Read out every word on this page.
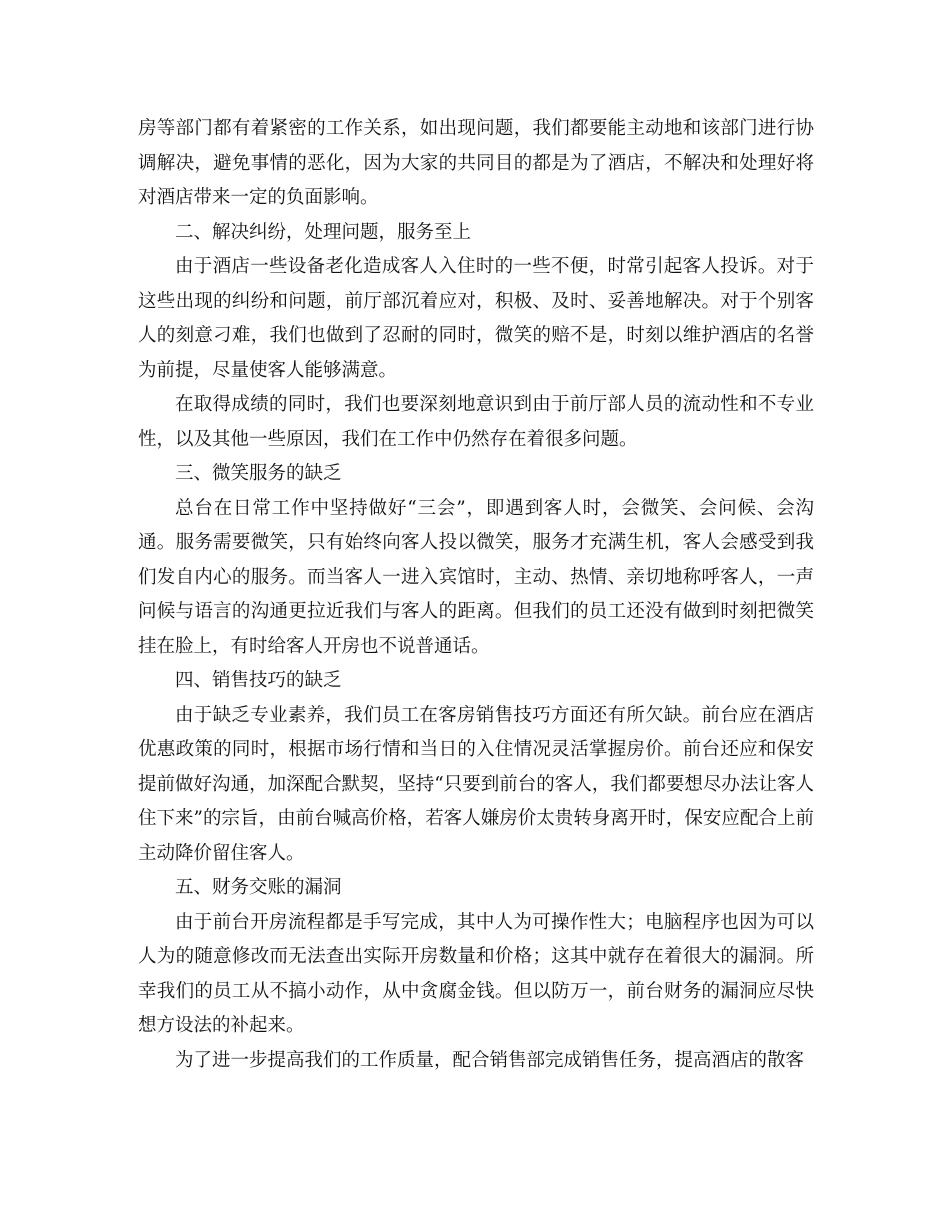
房等部门都有着紧密的工作关系，如出现问题，我们都要能主动地和该部门进行协调解决，避免事情的恶化，因为大家的共同目的都是为了酒店，不解决和处理好将对酒店带来一定的负面影响。

二、解决纠纷，处理问题，服务至上

由于酒店一些设备老化造成客人入住时的一些不便，时常引起客人投诉。对于这些出现的纠纷和问题，前厅部沉着应对，积极、及时、妥善地解决。对于个别客人的刻意刁难，我们也做到了忍耐的同时，微笑的赔不是，时刻以维护酒店的名誉为前提，尽量使客人能够满意。

在取得成绩的同时，我们也要深刻地意识到由于前厅部人员的流动性和不专业性，以及其他一些原因，我们在工作中仍然存在着很多问题。

三、微笑服务的缺乏

总台在日常工作中坚持做好“三会”，即遇到客人时，会微笑、会问候、会沟通。服务需要微笑，只有始终向客人投以微笑，服务才充满生机，客人会感受到我们发自内心的服务。而当客人一进入宾馆时，主动、热情、亲切地称呼客人，一声问候与语言的沟通更拉近我们与客人的距离。但我们的员工还没有做到时刻把微笑挂在脸上，有时给客人开房也不说普通话。

四、销售技巧的缺乏

由于缺乏专业素养，我们员工在客房销售技巧方面还有所欠缺。前台应在酒店优惠政策的同时，根据市场行情和当日的入住情况灵活掌握房价。前台还应和保安提前做好沟通，加深配合默契，坚持“只要到前台的客人，我们都要想尽办法让客人住下来”的宗旨，由前台喊高价格，若客人嫌房价太贵转身离开时，保安应配合上前主动降价留住客人。

五、财务交账的漏洞

由于前台开房流程都是手写完成，其中人为可操作性大；电脑程序也因为可以人为的随意修改而无法查出实际开房数量和价格；这其中就存在着很大的漏洞。所幸我们的员工从不搞小动作，从中贪腐金钱。但以防万一，前台财务的漏洞应尽快想方设法的补起来。

为了进一步提高我们的工作质量，配合销售部完成销售任务，提高酒店的散客
